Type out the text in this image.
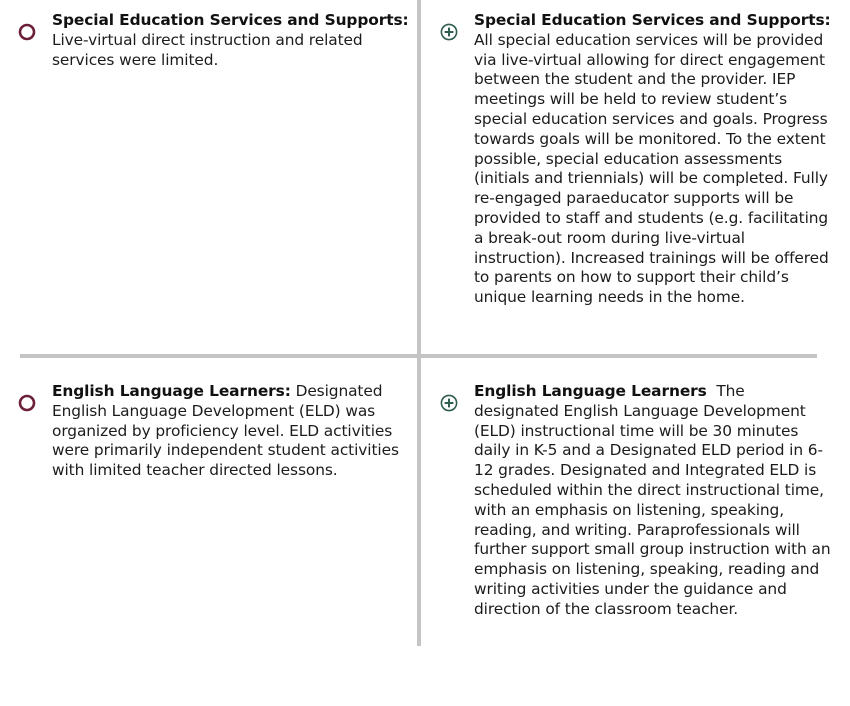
Special Education Services and Supports:
Live-virtual direct instruction and related services were limited.
Special Education Services and Supports:
All special education services will be provided via live-virtual allowing for direct engagement between the student and the provider. IEP meetings will be held to review student’s special education services and goals. Progress towards goals will be monitored. To the extent possible, special education assessments (initials and triennials) will be completed. Fully re-engaged paraeducator supports will be provided to staff and students (e.g. facilitating a break-out room during live-virtual instruction). Increased trainings will be offered to parents on how to support their child’s unique learning needs in the home.
English Language Learners: Designated English Language Development (ELD) was organized by proficiency level. ELD activities were primarily independent student activities with limited teacher directed lessons.
English Language Learners The designated English Language Development (ELD) instructional time will be 30 minutes daily in K-5 and a Designated ELD period in 6-12 grades. Designated and Integrated ELD is scheduled within the direct instructional time, with an emphasis on listening, speaking, reading, and writing. Paraprofessionals will further support small group instruction with an emphasis on listening, speaking, reading and writing activities under the guidance and direction of the classroom teacher.
